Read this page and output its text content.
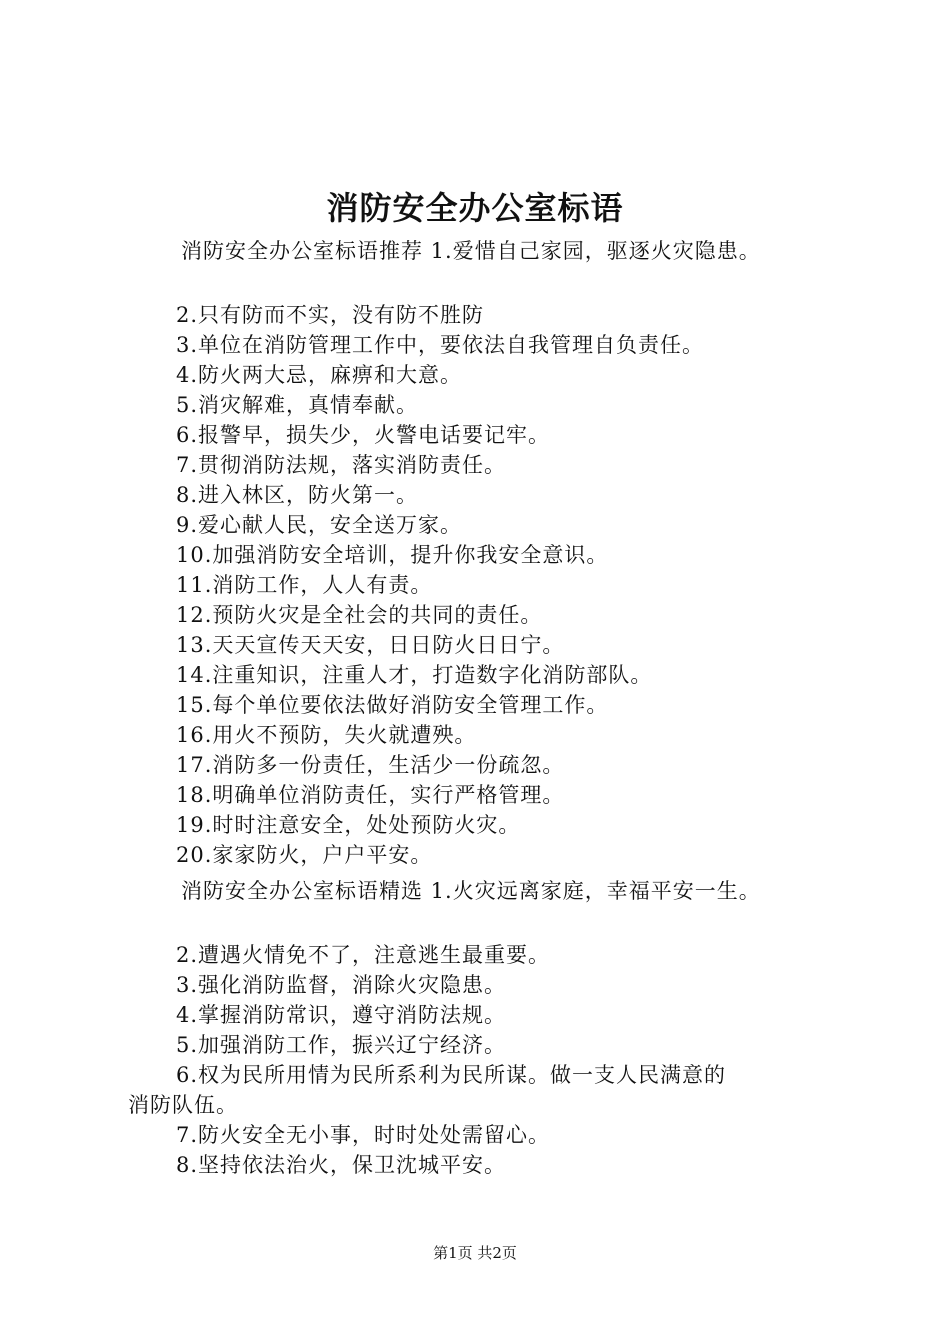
消防安全办公室标语
消防安全办公室标语推荐 1.爱惜自己家园，驱逐火灾隐患。
2.只有防而不实，没有防不胜防
3.单位在消防管理工作中，要依法自我管理自负责任。
4.防火两大忌，麻痹和大意。
5.消灾解难，真情奉献。
6.报警早，损失少，火警电话要记牢。
7.贯彻消防法规，落实消防责任。
8.进入林区，防火第一。
9.爱心献人民，安全送万家。
10.加强消防安全培训，提升你我安全意识。
11.消防工作，人人有责。
12.预防火灾是全社会的共同的责任。
13.天天宣传天天安，日日防火日日宁。
14.注重知识，注重人才，打造数字化消防部队。
15.每个单位要依法做好消防安全管理工作。
16.用火不预防，失火就遭殃。
17.消防多一份责任，生活少一份疏忽。
18.明确单位消防责任，实行严格管理。
19.时时注意安全，处处预防火灾。
20.家家防火，户户平安。
消防安全办公室标语精选 1.火灾远离家庭，幸福平安一生。
2.遭遇火情免不了，注意逃生最重要。
3.强化消防监督，消除火灾隐患。
4.掌握消防常识，遵守消防法规。
5.加强消防工作，振兴辽宁经济。
6.权为民所用情为民所系利为民所谋。做一支人民满意的
消防队伍。
7.防火安全无小事，时时处处需留心。
8.坚持依法治火，保卫沈城平安。
第1页 共2页
